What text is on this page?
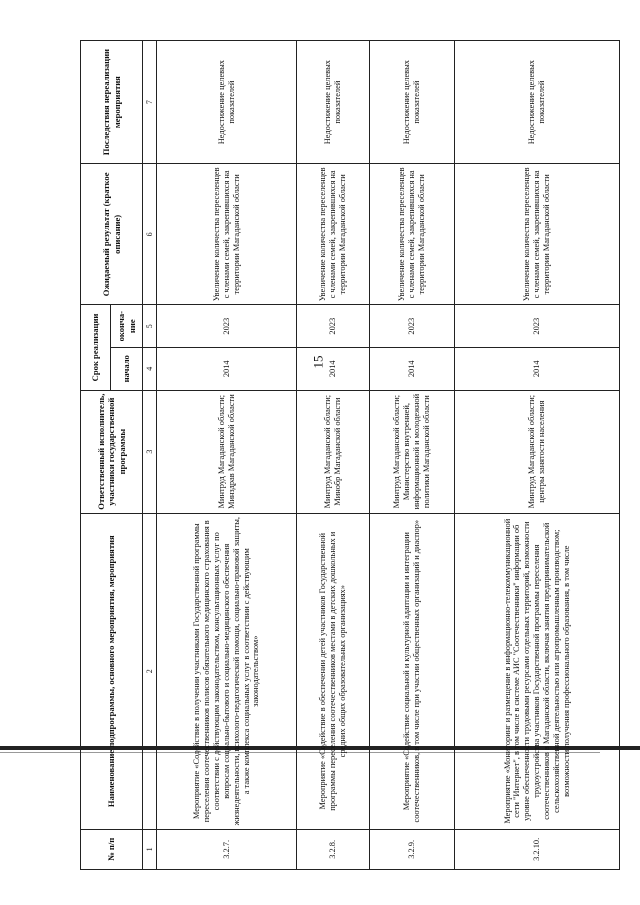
15
№ п/п	Наименование подпрограммы, основного мероприятия, мероприятия	Ответственный исполнитель, участники государственной программы	Срок реализации		Ожидаемый результат (краткое описание)	Последствия нереализации мероприятия
			начало	оконча-ние		
1	2	3	4	5	6	7
3.2.7.	Мероприятие «Содействие в получении участниками Государственной программы переселения соотечественников полисов обязательного медицинского страхования в соответствии с действующим законодательством, консультационных услуг по вопросам социально-бытового и социально-медицинского обеспечения жизнедеятельности, психолого-педагогической помощи, социально-правовой защиты, а также комплекса социальных услуг в соответствии с действующим законодательством»	Минтруд Магаданской области; Минздрав Магаданской области	2014	2023	Увеличение количества переселенцев с членами семей, закрепившихся на территории Магаданской области	Недостижение целевых показателей
3.2.8.	Мероприятие «Содействие в обеспечении детей участников Государственной программы переселения соотечественников местами в детских дошкольных и средних общих образовательных организациях»	Минтруд Магаданской области; Минобр Магаданской области	2014	2023	Увеличение количества переселенцев с членами семей, закрепившихся на территории Магаданской области	Недостижение целевых показателей
3.2.9.	Мероприятие «Содействие социальной и культурной адаптации и интеграции соотечественников, в том числе при участии общественных организаций и диаспор»	Минтруд Магаданской области; Министерство внутренней, информационной и молодежной политики Магаданской области	2014	2023	Увеличение количества переселенцев с членами семей, закрепившихся на территории Магаданской области	Недостижение целевых показателей
3.2.10.	Мероприятие «Мониторинг и размещение в информационно-телекоммуникационной сети "Интернет", в том числе в системе АИС "Соотечественники" информации об уровне обеспеченности трудовыми ресурсами отдельных территорий, возможности трудоустройства участников Государственной программы переселения соотечественников в Магаданской области, включая занятия предпринимательской сельскохозяйственной деятельностью или агропромышленным производством; возможности получения профессионального образования, в том числе	Минтруд Магаданской области; центры занятости населения	2014	2023	Увеличение количества переселенцев с членами семей, закрепившихся на территории Магаданской области	Недостижение целевых показателей
